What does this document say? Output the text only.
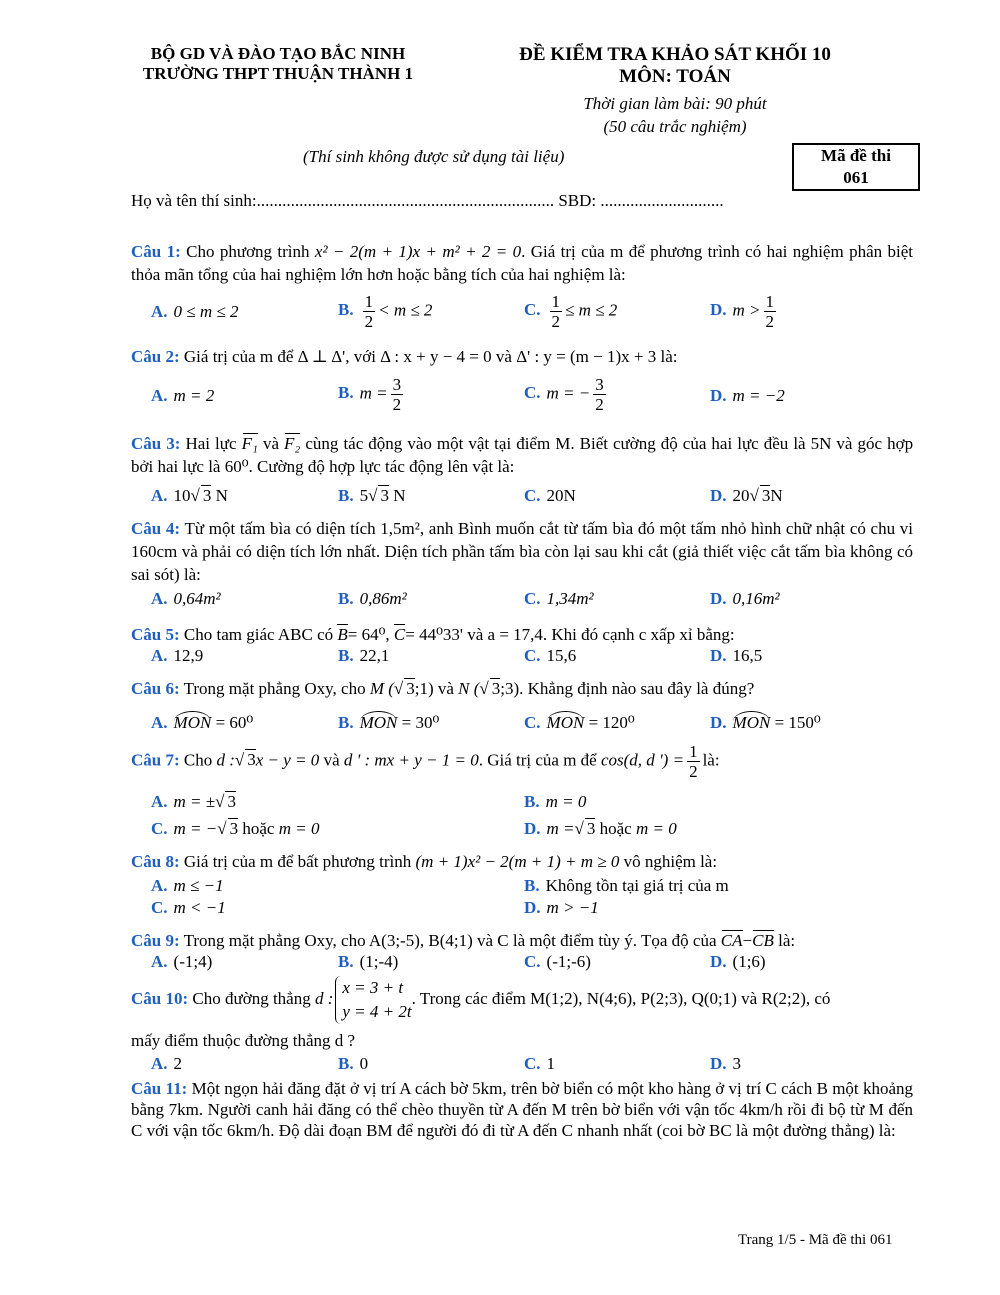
BỘ GD VÀ ĐÀO TẠO BẮC NINH
TRƯỜNG THPT THUẬN THÀNH 1
ĐỀ KIỂM TRA KHẢO SÁT KHỐI 10
MÔN: TOÁN
Thời gian làm bài: 90 phút
(50 câu trắc nghiệm)
(Thí sinh không được sử dụng tài liệu)	Mã đề thi
061
Họ và tên thí sinh:...................................................................... SBD: .............................
Câu 1: Cho phương trình x² − 2(m + 1)x + m² + 2 = 0. Giá trị của m để phương trình có hai nghiệm phân biệt thỏa mãn tổng của hai nghiệm lớn hơn hoặc bằng tích của hai nghiệm là:
A. 0 ≤ m ≤ 2	B. $\frac{1}{2} < m \le 2$	C. $\frac{1}{2} \le m \le 2$	D. $m > \frac{1}{2}$
Câu 2: Giá trị của m để Δ ⊥ Δ', với Δ : x + y − 4 = 0 và Δ' : y = (m − 1)x + 3 là:
A. m = 2	B. $m = \frac{3}{2}$	C. m = − $\frac{3}{2}$	D. m = −2
Câu 3: Hai lực F₁ và F₂ cùng tác động vào một vật tại điểm M. Biết cường độ của hai lực đều là 5N và góc hợp bởi hai lực là 60⁰. Cường độ hợp lực tác động lên vật là:
A. 10√ 3 N	B. 5√ 3 N	C. 20N	D. 20√ 3N
Câu 4: Từ một tấm bìa có diện tích 1,5m², anh Bình muốn cắt từ tấm bìa đó một tấm nhỏ hình chữ nhật có chu vi 160cm và phải có diện tích lớn nhất. Diện tích phần tấm bìa còn lại sau khi cắt (giả thiết việc cắt tấm bìa không có sai sót) là:
A. 0,64m²	B. 0,86m²	C. 1,34m²	D. 0,16m²
Câu 5: Cho tam giác ABC có B= 64⁰, C= 44⁰33' và a = 17,4. Khi đó cạnh c xấp xỉ bằng:
A. 12,9	B. 22,1	C. 15,6	D. 16,5
Câu 6: Trong mặt phẳng Oxy, cho M (√ 3;1) và N (√ 3;3). Khẳng định nào sau đây là đúng?
A. MON = 60⁰	B. MON = 30⁰	C. MON = 120⁰	D. MON = 150⁰
Câu 7: Cho d :√ 3x − y = 0 và d ' : mx + y − 1 = 0. Giá trị của m để cos(d, d ') = $\frac{1}{2}$ là:
A. m = ±√ 3	B. m = 0
C. m = −√ 3 hoặc m = 0	D. m =√ 3 hoặc m = 0
Câu 8: Giá trị của m để bất phương trình (m + 1)x² − 2(m + 1) + m ≥ 0 vô nghiệm là:
A. m ≤ −1	B. Không tồn tại giá trị của m
C. m < −1	D. m > −1
Câu 9: Trong mặt phẳng Oxy, cho A(3;-5), B(4;1) và C là một điểm tùy ý. Tọa độ của CA−CB là:
A. (-1;4)	B. (1;-4)	C. (-1;-6)	D. (1;6)
Câu 10: Cho đường thẳng d :
x = 3 + t
y = 4 + 2t
. Trong các điểm M(1;2), N(4;6), P(2;3), Q(0;1) và R(2;2), có
mấy điểm thuộc đường thẳng d ?
A. 2	B. 0	C. 1	D. 3
Câu 11: Một ngọn hải đăng đặt ở vị trí A cách bờ 5km, trên bờ biển có một kho hàng ở vị trí C cách B một khoảng bằng 7km. Người canh hải đăng có thể chèo thuyền từ A đến M trên bờ biển với vận tốc 4km/h rồi đi bộ từ M đến C với vận tốc 6km/h. Độ dài đoạn BM để người đó đi từ A đến C nhanh nhất (coi bờ BC là một đường thẳng) là:
Trang 1/5 - Mã đề thi 061
